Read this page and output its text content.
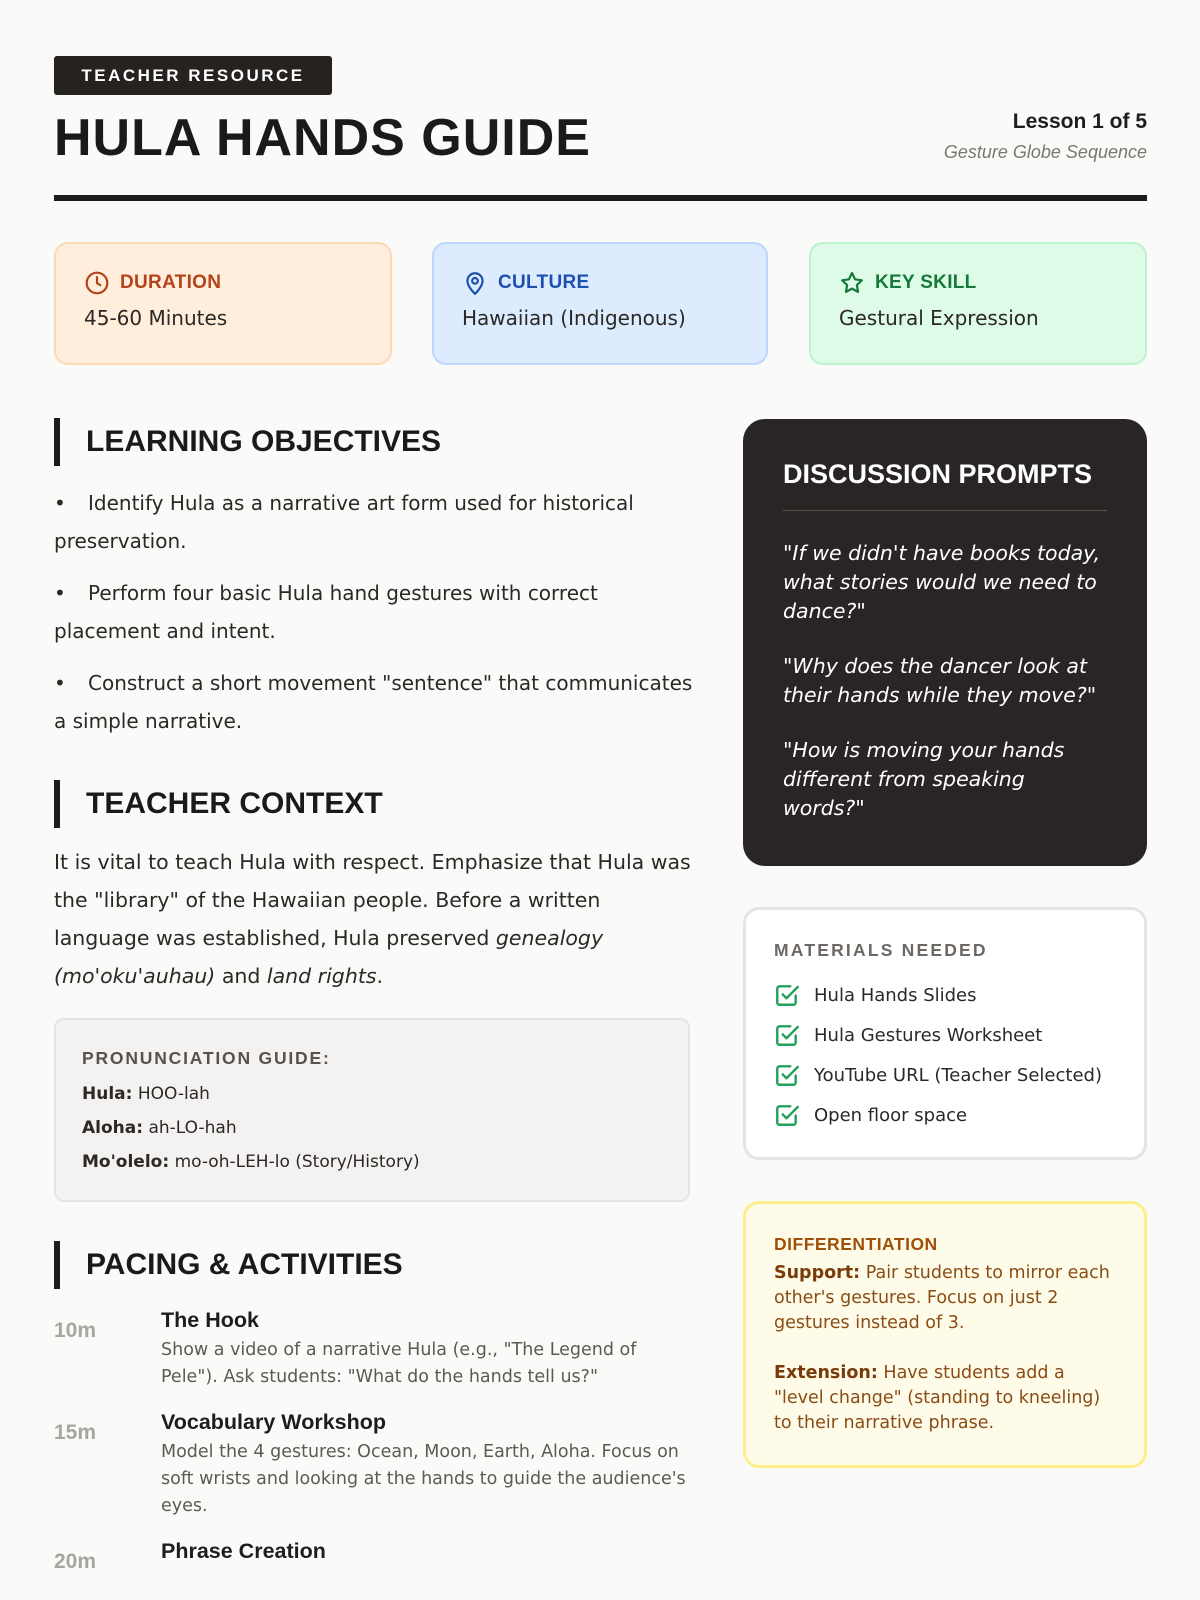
TEACHER RESOURCE
HULA HANDS GUIDE	Lesson 1 of 5
Gesture Globe Sequence
DURATION
45-60 Minutes
CULTURE
Hawaiian (Indigenous)
KEY SKILL
Gestural Expression
LEARNING OBJECTIVES
• Identify Hula as a narrative art form used for historical preservation.
• Perform four basic Hula hand gestures with correct placement and intent.
• Construct a short movement "sentence" that communicates a simple narrative.
TEACHER CONTEXT

It is vital to teach Hula with respect. Emphasize that Hula was the "library" of the Hawaiian people. Before a written language was established, Hula preserved genealogy (mo'oku'auhau) and land rights.

PRONUNCIATION GUIDE:
Hula: HOO-lah
Aloha: ah-LO-hah
Mo'olelo: mo-oh-LEH-lo (Story/History)
PACING & ACTIVITIES
10m	The Hook
Show a video of a narrative Hula (e.g., "The Legend of Pele"). Ask students: "What do the hands tell us?"
15m	Vocabulary Workshop
Model the 4 gestures: Ocean, Moon, Earth, Aloha. Focus on soft wrists and looking at the hands to guide the audience's eyes.
20m	Phrase Creation
DISCUSSION PROMPTS

"If we didn't have books today, what stories would we need to dance?"

"Why does the dancer look at their hands while they move?"

"How is moving your hands different from speaking words?"

MATERIALS NEEDED
Hula Hands Slides
Hula Gestures Worksheet
YouTube URL (Teacher Selected)
Open floor space
DIFFERENTIATION

Support: Pair students to mirror each other's gestures. Focus on just 2 gestures instead of 3.

Extension: Have students add a "level change" (standing to kneeling) to their narrative phrase.
